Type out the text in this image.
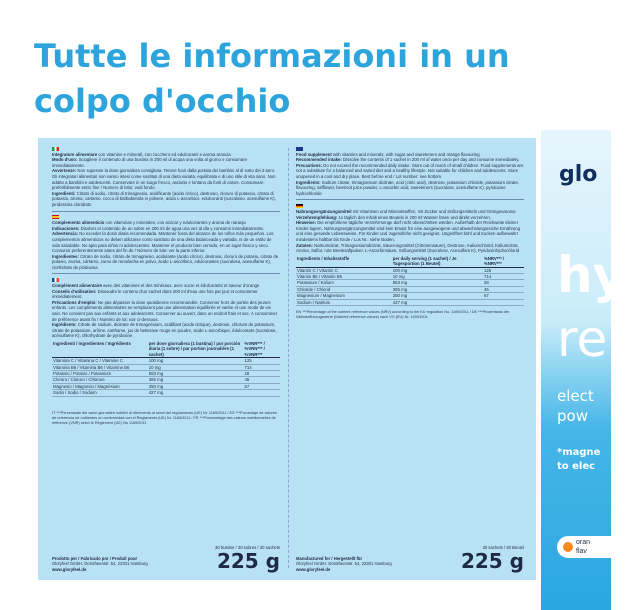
Tutte le informazioni in un colpo d'occhio

Integratore alimentare con vitamine e minerali, con zucchero ed edulcoranti e aroma arancia
Modo d'uso: Sciogliere il contenuto di una bustina in 200 ml di acqua una volta al giorno e consumare immediatamente.
Avvertenze: Non superare la dose giornaliera consigliata. Tenere fuori dalla portata dei bambini al di sotto dei 3 anni. Gli integratori alimentari non vanno intesi come sostituti di una dieta variata, equilibrata e di uno stile di vita sano. Non adatto a bambini e adolescenti. Conservare in un luogo fresco, asciutto e lontano da fonti di calore. Consumare preferibilmente entro fine / Numero di lotto: vedi fondo.
Ingredienti: Citrato di sodio, citrato di trimagnesio, acidificante (acido citrico), destrosio, cloruro di potassio, citrato di potassio, aroma, cartamo, cocco di barbabietola in polvere, acido L-ascorbico, edulcoranti (sucralosio, acesulfame K), piridossina cloridrato

Complemento alimenticio con vitaminas y minerales, con azúcar y edulcorantes y aroma de naranja
Indicaciones: Disolver el contenido de un sobre en 200 ml de agua una vez al día y consumir inmediatamente.
Advertencia: No exceder la dosis diaria recomendada. Mantener fuera del alcance de los niños más pequeños. Los complementos alimenticios no deben utilizarse como sustituto de una dieta balanceada y variada, ni de un estilo de vida saludable. No apto para niños ni adolescentes. Mantener el producto bien cerrado, en un lugar fresco y seco. Consumir preferentemente antes del fin de / Número de lote: ver la parte inferior.
Ingredientes: Citrato de sodio, citrato de trimagnesio, acidulante (ácido cítrico), dextrosa, cloruro de potasio, citrato de potasio, aroma, cártamo, zumo de remolacha en polvo, ácido L-ascórbico, edulcorantes (sucralosa, acesulfame K), clorhidrato de piridoxina

Complément alimentaire avec des vitamines et des minéraux, avec sucre et édulcorants et saveur d'orange
Conseils d'utilisation: Dissoudre le contenu d'un sachet dans 200 ml d'eau une fois par jour et consommer immédiatement.
Précautions d'emploi: Ne pas dépasser la dose quotidienne recommandée. Conserver hors de portée des jeunes enfants. Les compléments alimentaires ne remplacent pas une alimentation équilibrée et variée et une mode de vie sain. Ne convient pas aux enfants et aux adolescents. Conserver au ouvert, dans un endroit frais et sec. A consommer de préférence avant fin / Numéro de lot: voir ci-dessous.
Ingrédients: Citrate de sodium, dicitrate de trimagnésium, acidifiant (acide citrique), dextrose, chlorure de potassium, citrate de potassium, arôme, carthame, jus de betterave rouge en poudre, acide L-ascorbique, édulcorants (sucralose, acésulfame K), chlorhydrate de pyridoxine

Ingredienti / Ingredientes / Ingrédients	per dose giornaliera (1 bustina) / por porción diaria (1 sobre) / par portion journalière (1 sachet)	%VNR*** / %VRN*** / %VNR***
Vitamina C / Vitamina C / Vitamine C	100 mg	125
Vitamina B6 / Vitamina B6 / Vitamine B6	10 mg	714
Potassio / Potasio / Potassium	553 mg	28
Cloruro / Cloruro / Chlorure	365 mg	45
Magnesio / Magnesio / Magnésium	250 mg	67
Sodio / Sodio / Sodium	427 mg	

IT ***Percentuale dei valori giornalieri nutritivi di riferimento ai sensi del regolamento (UE) Nr. 1169/2011 / ES ***Porcentaje de valores de referencia de nutrientes en conformidad con el Reglamento (UE) Nr. 1169/2011 / FR ***Pourcentage des valeurs nutritionnelles de référence (VNR) selon le Règlement (UE) No 1169/2011

Prodotto per / Fabricado por / Produit pour
Gloryfeel GmbH, Dorotheenstr. 54, 22301 Hamburg
www.gloryfeel.de
30 bustine / 30 sobres / 30 sachets
225 g

Food supplement with vitamins and minerals, with sugar and sweeteners and orange flavouring
Recommended intake: Dissolve the contents of 1 sachet in 200 ml of water once per day and consume immediately.
Precautions: Do not exceed the recommended daily intake. Store out of reach of small children. Food supplements are not a substitute for a balanced and varied diet and a healthy lifestyle. Not suitable for children and adolescents. Store unopened in a cool and dry place. Best before end / Lot number: see bottom.
Ingredients: Sodium citrate, trimagnesium dicitrate, acid (citric acid), dextrose, potassium chloride, potassium citrate, flavouring, safflower, beetroot juice powder, L-ascorbic acid, sweeteners (sucralose, acesulfame K), pyridoxine hydrochloride

Nahrungsergänzungsmittel mit Vitaminen und Mineralstoffen, mit Zucker und Süßungsmitteln und Orangenaroma
Verzehrempfehlung: 1x täglich den Inhalt eines Beutels in 200 ml Wasser lösen und direkt verzehren.
Hinweise: Die empfohlene tägliche Verzehrmenge darf nicht überschritten werden. Außerhalb der Reichweite kleiner Kinder lagern. Nahrungsergänzungsmittel sind kein Ersatz für eine ausgewogene und abwechslungsreiche Ernährung und eine gesunde Lebensweise. Für Kinder und Jugendliche nicht geeignet. Ungeöffnet kühl und trocken aufbewahrt mindestens haltbar bis Ende / Los Nr.: siehe Boden.
Zutaten: Natriumcitrat, Trimagnesiumdicitrat, Säuerungsmittel (Citronensäure), Dextrose, Kaliumchlorid, Kaliumcitrat, Aroma, Saflor, rote Beetesaftpulver, L-Ascorbinsäure, Süßungsmittel (Sucralose, Acesulfam K), Pyridoxinhydrochlorid

Ingredients / Inhaltsstoffe	per daily serving (1 sachet) / Je Tagesportion (1 Beutel)	%NRV*** / %NRV***
Vitamin C / Vitamin C	100 mg	125
Vitamin B6 / Vitamin B6	10 mg	714
Potassium / Kalium	553 mg	28
Chloride / Chlorid	365 mg	45
Magnesium / Magnesium	250 mg	67
Sodium / Natrium	427 mg	

EN ***Percentage of the nutrient reference values (NRV) according to the EU regulation No. 1169/2011 / DE ***Prozentsatz der Nährstoffbezugswerte (Nutrient reference values) nach VO (EU) Nr. 1169/2011

Manufactured for / Hergestellt für
Gloryfeel GmbH, Dorotheenstr. 54, 22301 Hamburg
www.gloryfeel.de
30 sachets / 30 Beutel
225 g
glo
hy
re
elect
pow
*magne
to elec
oran
flav
